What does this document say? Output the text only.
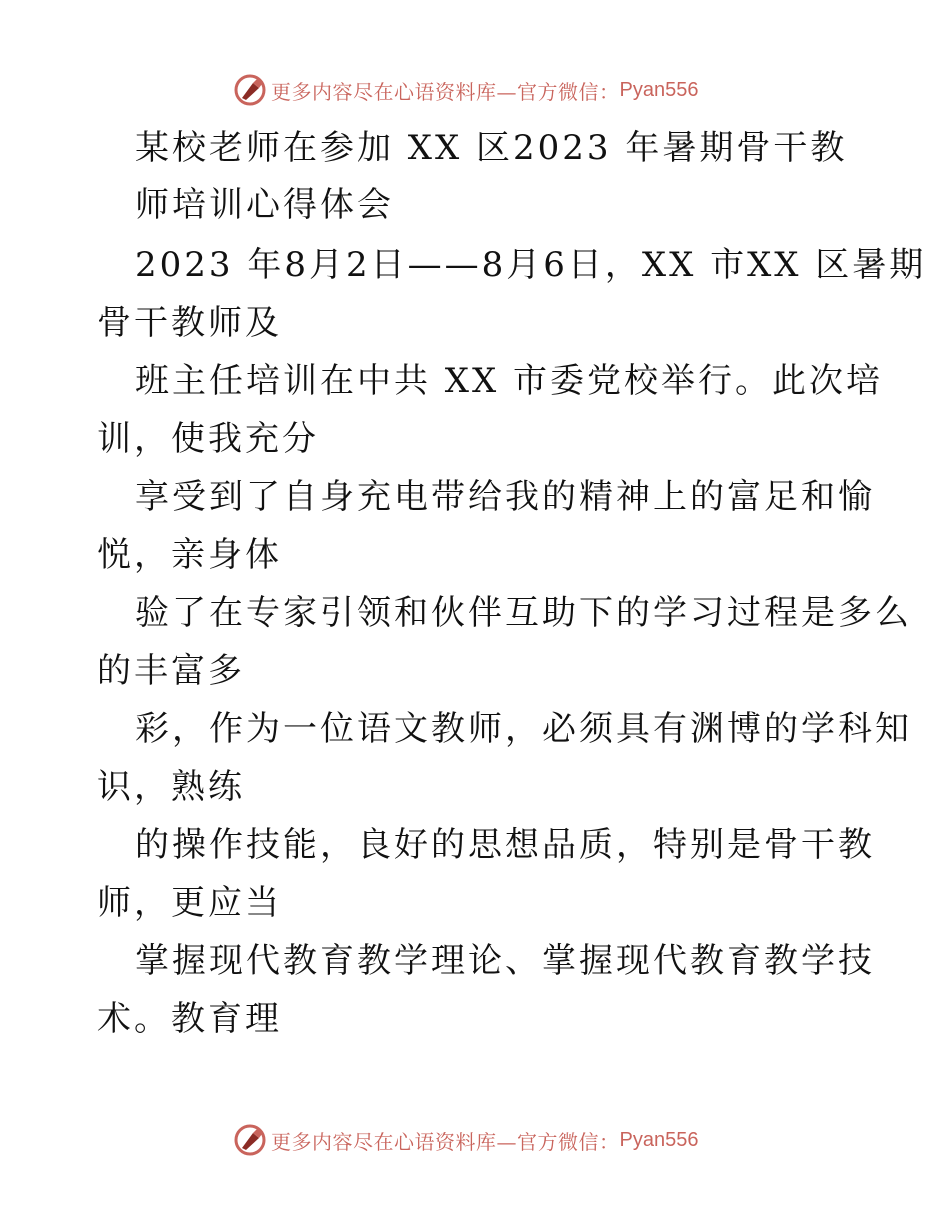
更多内容尽在心语资料库—官方微信： Pyan556
某校老师在参加 XX 区2023 年暑期骨干教
师培训心得体会
2023 年8月2日——8月6日，XX 市XX 区暑期
骨干教师及
班主任培训在中共 XX 市委党校举行。此次培
训，使我充分
享受到了自身充电带给我的精神上的富足和愉
悦，亲身体
验了在专家引领和伙伴互助下的学习过程是多么
的丰富多
彩，作为一位语文教师，必须具有渊博的学科知
识，熟练
的操作技能，良好的思想品质，特别是骨干教
师，更应当
掌握现代教育教学理论、掌握现代教育教学技
术。教育理
更多内容尽在心语资料库—官方微信： Pyan556
